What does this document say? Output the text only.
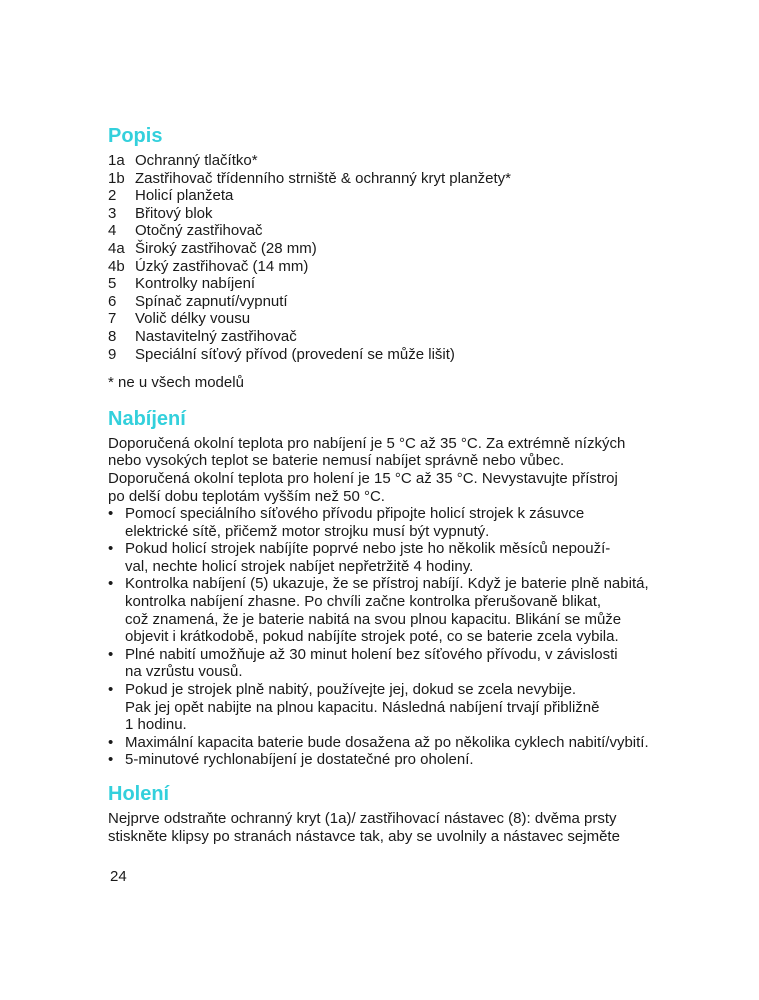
Popis
1a Ochranný tlačítko*
1b Zastřihovač třídenního strniště & ochranný kryt planžety*
2	Holicí planžeta
3	Břitový blok
4	Otočný zastřihovač
4a Široký zastřihovač (28 mm)
4b Úzký zastřihovač (14 mm)
5	Kontrolky nabíjení
6	Spínač zapnutí/vypnutí
7	Volič délky vousu
8	Nastavitelný zastřihovač
9	Speciální síťový přívod (provedení se může lišit)

* ne u všech modelů

Nabíjení

Doporučená okolní teplota pro nabíjení je 5 °C až 35 °C. Za extrémně nízkých
nebo vysokých teplot se baterie nemusí nabíjet správně nebo vůbec.
Doporučená okolní teplota pro holení je 15 °C až 35 °C. Nevystavujte přístroj
po delší dobu teplotám vyšším než 50 °C.

• Pomocí speciálního síťového přívodu připojte holicí strojek k zásuvce
elektrické sítě, přičemž motor strojku musí být vypnutý.
• Pokud holicí strojek nabíjíte poprvé nebo jste ho několik měsíců nepouží-
val, nechte holicí strojek nabíjet nepřetržitě 4 hodiny.
• Kontrolka nabíjení (5) ukazuje, že se přístroj nabíjí. Když je baterie plně nabitá,
kontrolka nabíjení zhasne. Po chvíli začne kontrolka přerušovaně blikat,
což znamená, že je baterie nabitá na svou plnou kapacitu. Blikání se může
objevit i krátkodobě, pokud nabíjíte strojek poté, co se baterie zcela vybila.
• Plné nabití umožňuje až 30 minut holení bez síťového přívodu, v závislosti
na vzrůstu vousů.
• Pokud je strojek plně nabitý, používejte jej, dokud se zcela nevybije.
Pak jej opět nabijte na plnou kapacitu. Následná nabíjení trvají přibližně
1 hodinu.
• Maximální kapacita baterie bude dosažena až po několika cyklech nabití/vybití.
• 5-minutové rychlonabíjení je dostatečné pro oholení.
Holení

Nejprve odstraňte ochranný kryt (1a)/ zastřihovací nástavec (8): dvěma prsty
stiskněte klipsy po stranách nástavce tak, aby se uvolnily a nástavec sejměte

24
